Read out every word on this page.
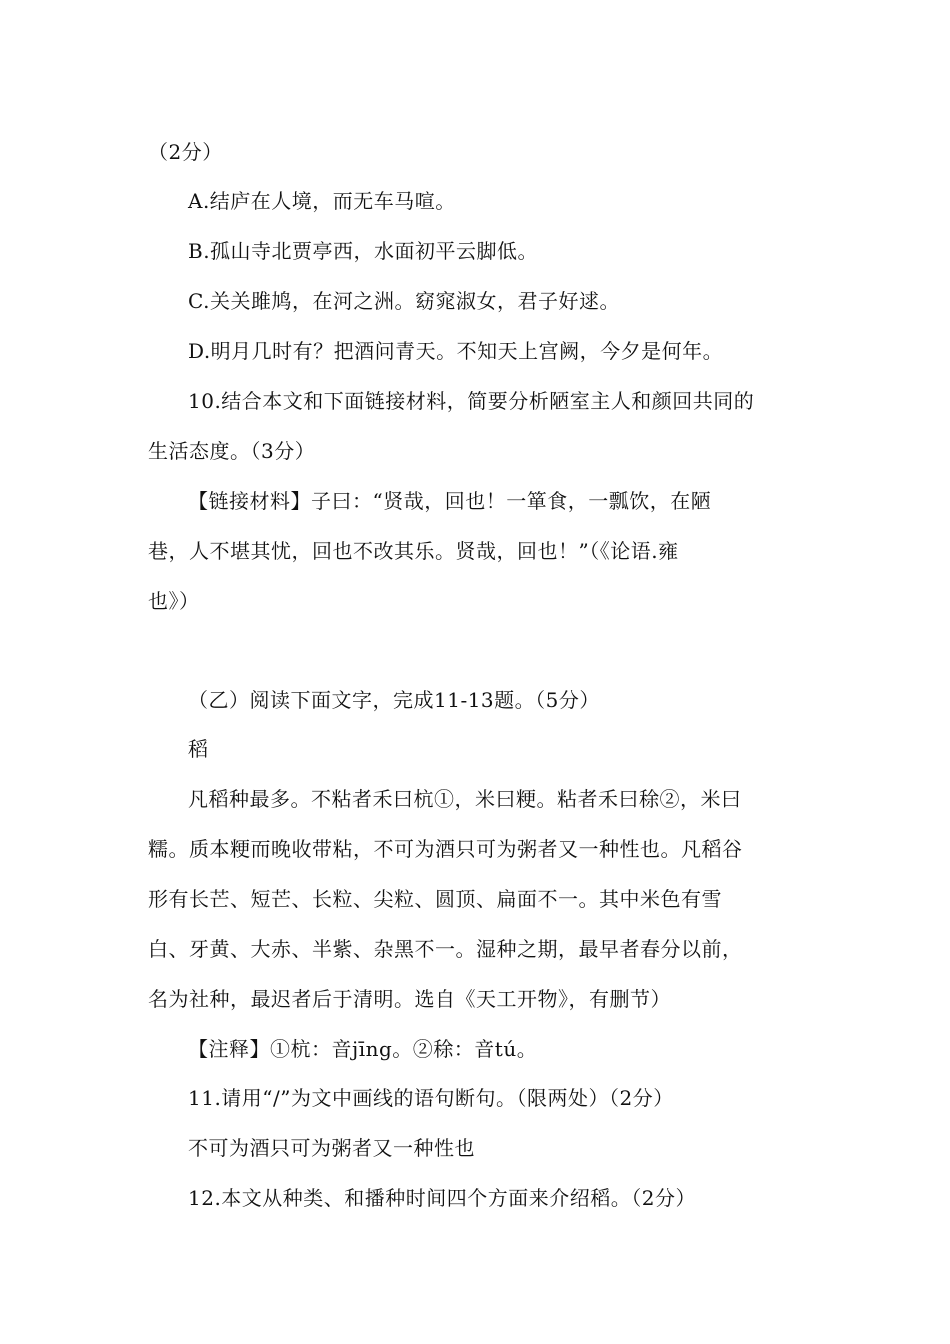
（2分）
A.结庐在人境，而无车马喧。
B.孤山寺北贾亭西，水面初平云脚低。
C.关关雎鸠，在河之洲。窈窕淑女，君子好逑。
D.明月几时有？把酒问青天。不知天上宫阙，今夕是何年。
10.结合本文和下面链接材料，简要分析陋室主人和颜回共同的
生活态度。（3分）
【链接材料】子曰：“贤哉，回也！一箪食，一瓢饮，在陋
巷，人不堪其忧，回也不改其乐。贤哉，回也！”（《论语.雍
也》）
（乙）阅读下面文字，完成11-13题。（5分）
稻
凡稻种最多。不粘者禾曰杭①，米曰粳。粘者禾曰稌②，米曰
糯。质本粳而晚收带粘，不可为酒只可为粥者又一种性也。凡稻谷
形有长芒、短芒、长粒、尖粒、圆顶、扁面不一。其中米色有雪
白、牙黄、大赤、半紫、杂黑不一。湿种之期，最早者春分以前，
名为社种，最迟者后于清明。选自《天工开物》，有删节）
【注释】①杭：音jīng。②稌：音tú。
11.请用“/”为文中画线的语句断句。（限两处）（2分）
不可为酒只可为粥者又一种性也
12.本文从种类、和播种时间四个方面来介绍稻。（2分）
